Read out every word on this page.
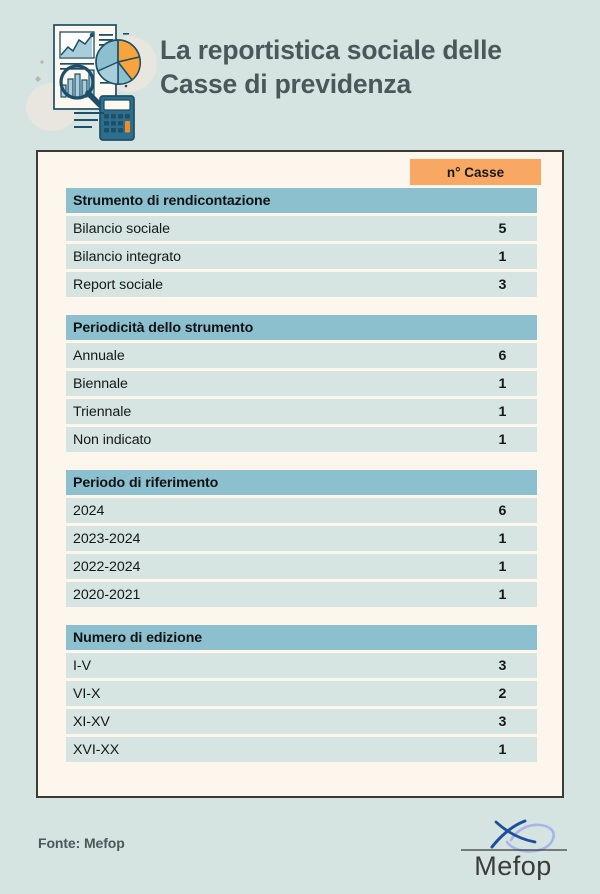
La reportistica sociale delle
Casse di previdenza
n° Casse
Strumento di rendicontazione
Bilancio sociale	5
Bilancio integrato	1
Report sociale	3
Periodicità dello strumento
Annuale	6
Biennale	1
Triennale	1
Non indicato	1
Periodo di riferimento
2024	6
2023-2024	1
2022-2024	1
2020-2021	1
Numero di edizione
I-V	3
VI-X	2
XI-XV	3
XVI-XX	1
Fonte: Mefop
Mefop
